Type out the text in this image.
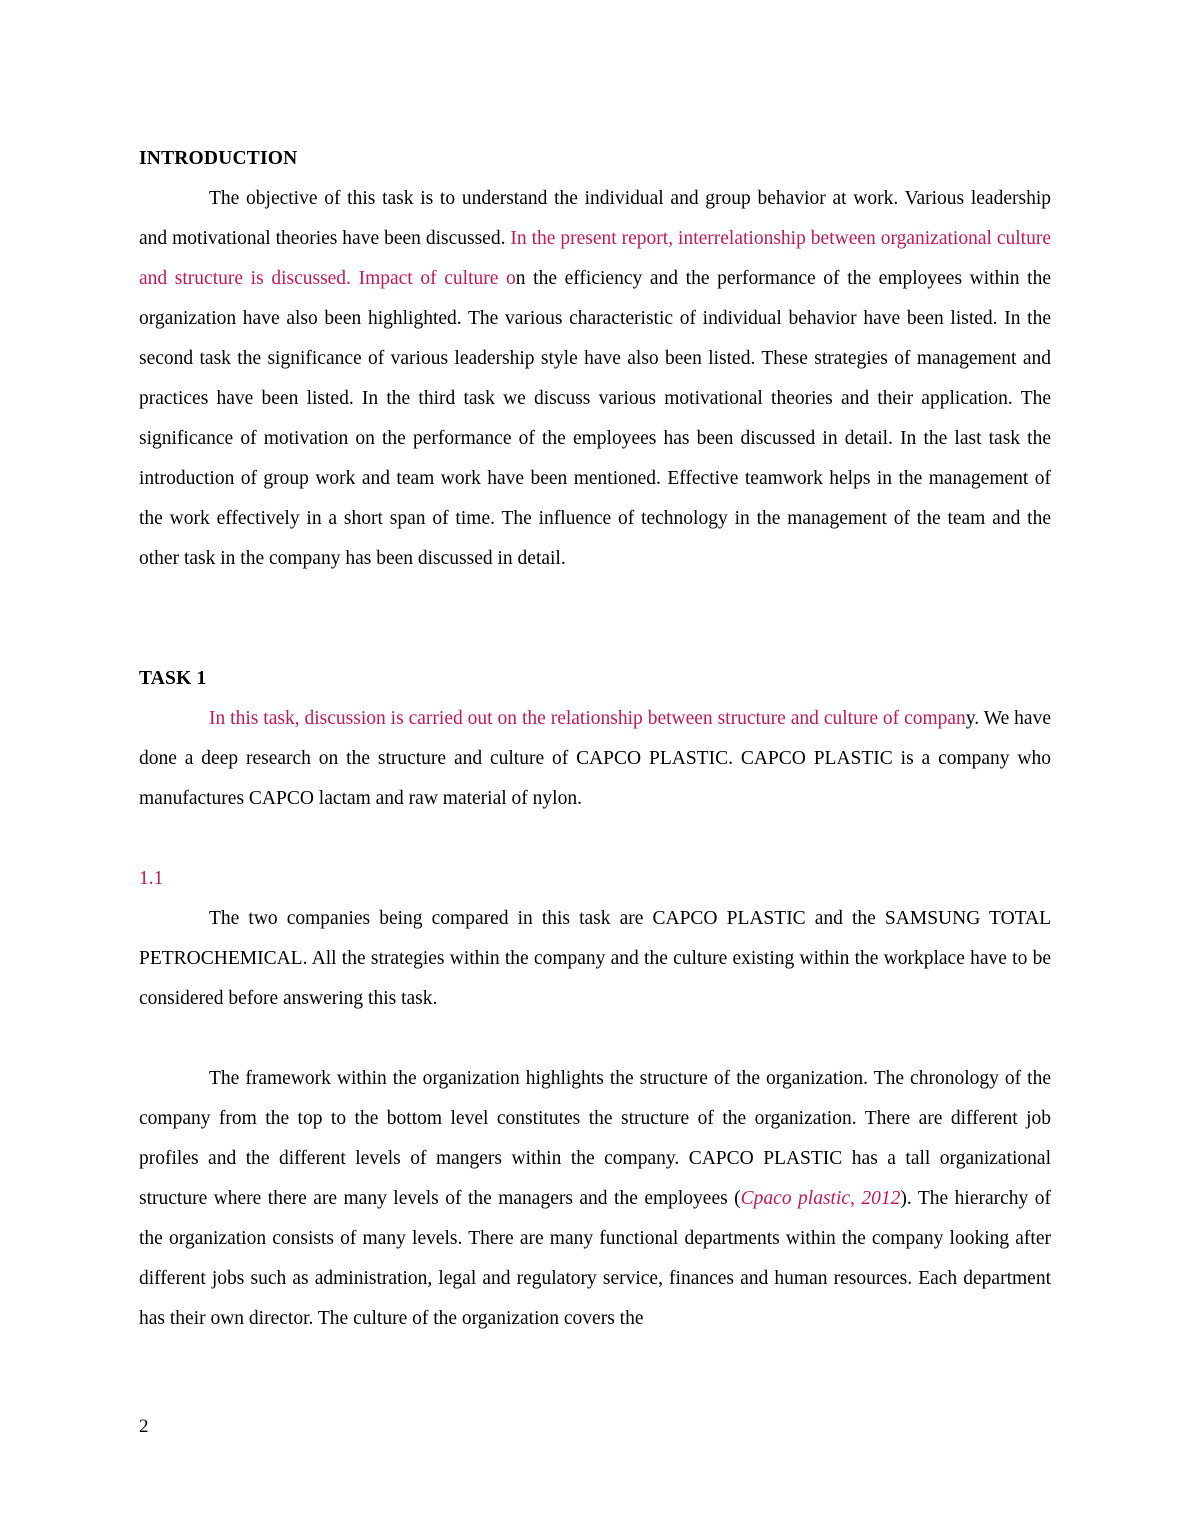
INTRODUCTION

The objective of this task is to understand the individual and group behavior at work. Various leadership and motivational theories have been discussed. In the present report, interrelationship between organizational culture and structure is discussed. Impact of culture on the efficiency and the performance of the employees within the organization have also been highlighted. The various characteristic of individual behavior have been listed. In the second task the significance of various leadership style have also been listed. These strategies of management and practices have been listed. In the third task we discuss various motivational theories and their application. The significance of motivation on the performance of the employees has been discussed in detail. In the last task the introduction of group work and team work have been mentioned. Effective teamwork helps in the management of the work effectively in a short span of time. The influence of technology in the management of the team and the other task in the company has been discussed in detail.

TASK 1

In this task, discussion is carried out on the relationship between structure and culture of company. We have done a deep research on the structure and culture of CAPCO PLASTIC. CAPCO PLASTIC is a company who manufactures CAPCO lactam and raw material of nylon.

1.1

The two companies being compared in this task are CAPCO PLASTIC and the SAMSUNG TOTAL PETROCHEMICAL. All the strategies within the company and the culture existing within the workplace have to be considered before answering this task.

The framework within the organization highlights the structure of the organization. The chronology of the company from the top to the bottom level constitutes the structure of the organization. There are different job profiles and the different levels of mangers within the company. CAPCO PLASTIC has a tall organizational structure where there are many levels of the managers and the employees (Cpaco plastic, 2012). The hierarchy of the organization consists of many levels. There are many functional departments within the company looking after different jobs such as administration, legal and regulatory service, finances and human resources. Each department has their own director. The culture of the organization covers the

2
